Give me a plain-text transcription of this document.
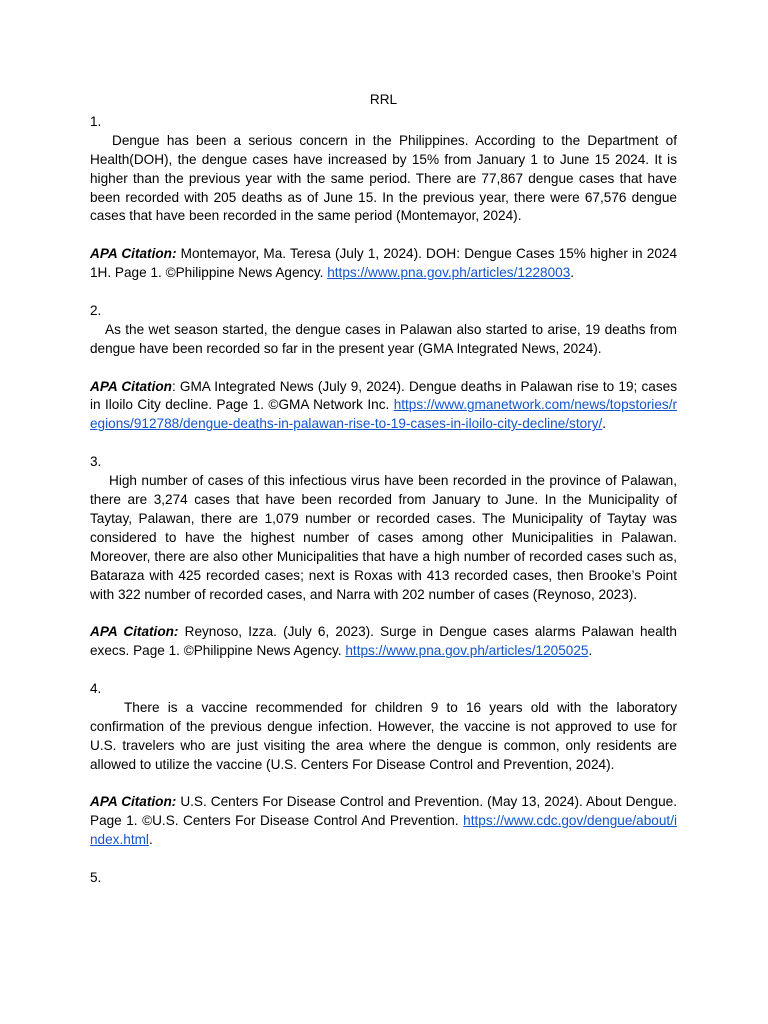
RRL

1.

Dengue has been a serious concern in the Philippines. According to the Department of Health(DOH), the dengue cases have increased by 15% from January 1 to June 15 2024. It is higher than the previous year with the same period. There are 77,867 dengue cases that have been recorded with 205 deaths as of June 15. In the previous year, there were 67,576 dengue cases that have been recorded in the same period (Montemayor, 2024).

APA Citation: Montemayor, Ma. Teresa (July 1, 2024). DOH: Dengue Cases 15% higher in 2024 1H. Page 1. ©Philippine News Agency. https://www.pna.gov.ph/articles/1228003.

2.

As the wet season started, the dengue cases in Palawan also started to arise, 19 deaths from dengue have been recorded so far in the present year (GMA Integrated News, 2024).

APA Citation: GMA Integrated News (July 9, 2024). Dengue deaths in Palawan rise to 19; cases in Iloilo City decline. Page 1. ©GMA Network Inc. https://www.gmanetwork.com/news/topstories/regions/912788/dengue-deaths-in-palawan-rise-to-19-cases-in-iloilo-city-decline/story/.

3.

High number of cases of this infectious virus have been recorded in the province of Palawan, there are 3,274 cases that have been recorded from January to June. In the Municipality of Taytay, Palawan, there are 1,079 number or recorded cases. The Municipality of Taytay was considered to have the highest number of cases among other Municipalities in Palawan. Moreover, there are also other Municipalities that have a high number of recorded cases such as, Bataraza with 425 recorded cases; next is Roxas with 413 recorded cases, then Brooke’s Point with 322 number of recorded cases, and Narra with 202 number of cases (Reynoso, 2023).

APA Citation: Reynoso, Izza. (July 6, 2023). Surge in Dengue cases alarms Palawan health execs. Page 1. ©Philippine News Agency. https://www.pna.gov.ph/articles/1205025.

4.

There is a vaccine recommended for children 9 to 16 years old with the laboratory confirmation of the previous dengue infection. However, the vaccine is not approved to use for U.S. travelers who are just visiting the area where the dengue is common, only residents are allowed to utilize the vaccine (U.S. Centers For Disease Control and Prevention, 2024).

APA Citation: U.S. Centers For Disease Control and Prevention. (May 13, 2024). About Dengue. Page 1. ©U.S. Centers For Disease Control And Prevention. https://www.cdc.gov/dengue/about/index.html.

5.
